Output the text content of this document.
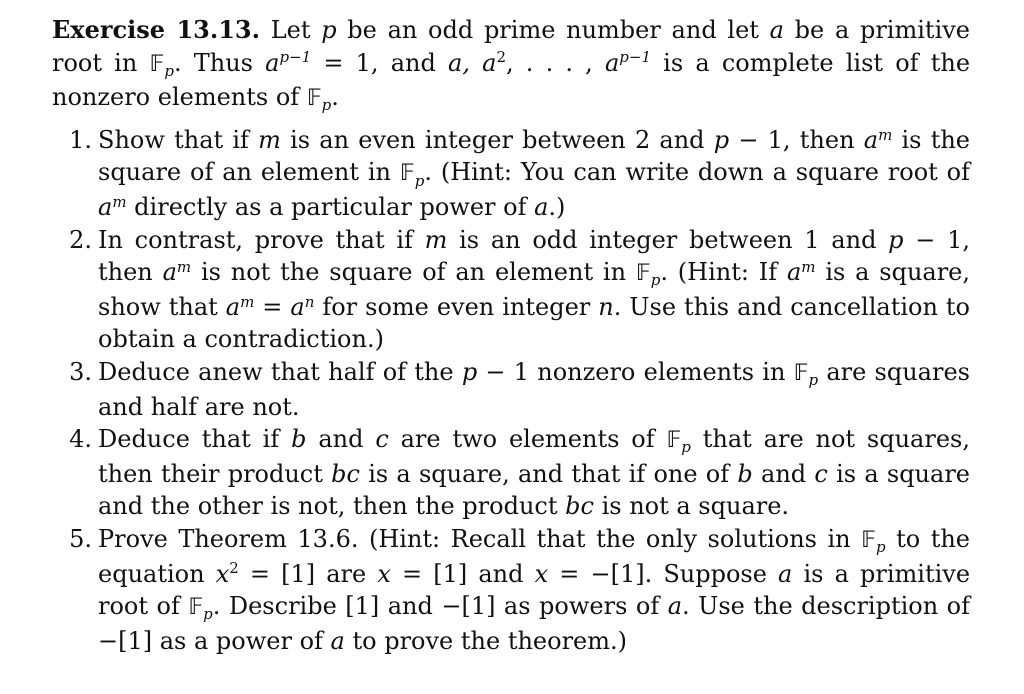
Exercise 13.13. Let p be an odd prime number and let a be a primitive root in 𝔽$_p$. Thus $a^{p-1} = 1$, and a, $a^2$, . . . , $a^{p-1}$ is a complete list of the nonzero elements of 𝔽$_p$.

1. Show that if m is an even integer between 2 and p − 1, then $a^m$ is the square of an element in 𝔽$_p$. (Hint: You can write down a square root of $a^m$ directly as a particular power of a.)
2. In contrast, prove that if m is an odd integer between 1 and p − 1, then $a^m$ is not the square of an element in 𝔽$_p$. (Hint: If $a^m$ is a square, show that $a^m = a^n$ for some even integer n. Use this and cancellation to obtain a contradiction.)
3. Deduce anew that half of the p − 1 nonzero elements in 𝔽$_p$ are squares and half are not.
4. Deduce that if b and c are two elements of 𝔽$_p$ that are not squares, then their product bc is a square, and that if one of b and c is a square and the other is not, then the product bc is not a square.
5. Prove Theorem 13.6. (Hint: Recall that the only solutions in 𝔽$_p$ to the equation $x^2 = [1]$ are x = [1] and x = −[1]. Suppose a is a primitive root of 𝔽$_p$. Describe [1] and −[1] as powers of a. Use the description of −[1] as a power of a to prove the theorem.)
